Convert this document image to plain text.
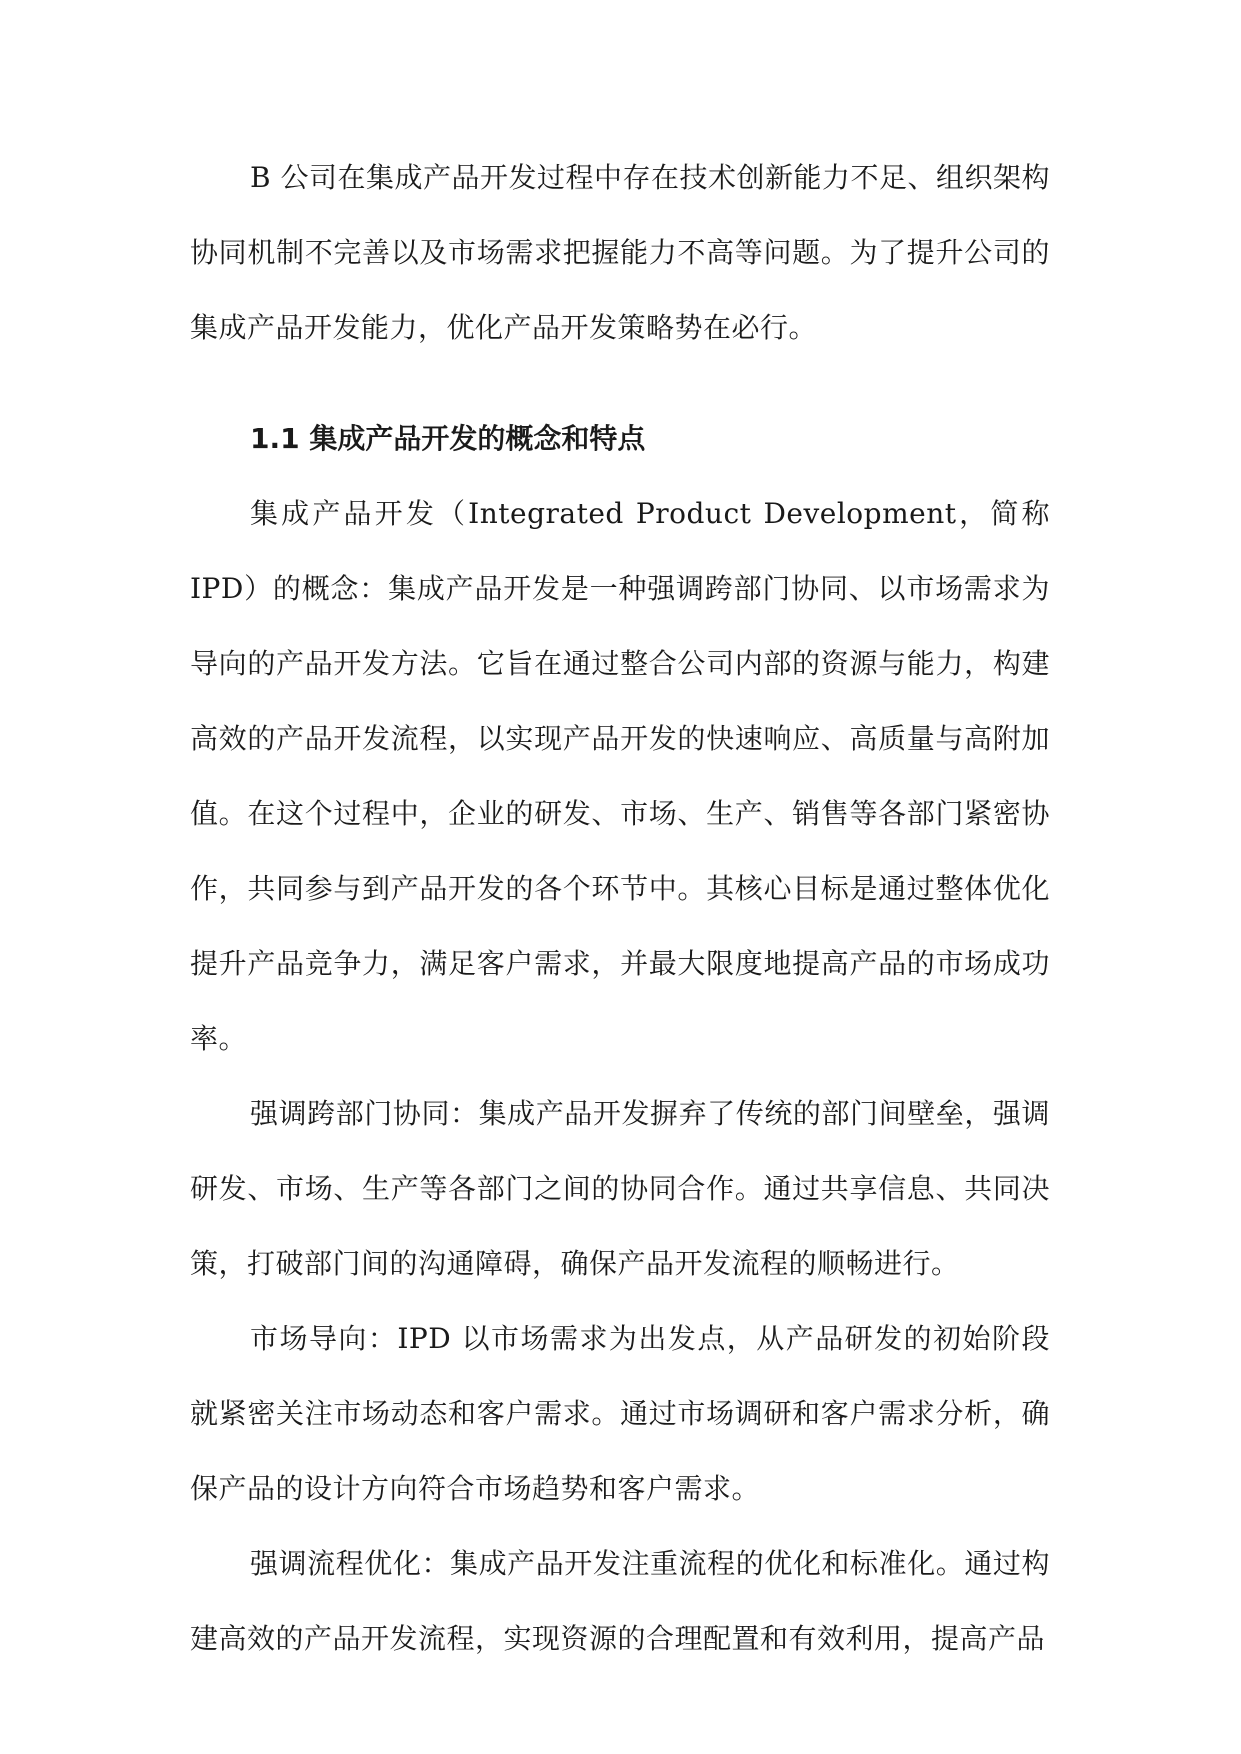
B 公司在集成产品开发过程中存在技术创新能力不足、组织架构协同机制不完善以及市场需求把握能力不高等问题。为了提升公司的集成产品开发能力，优化产品开发策略势在必行。

1.1 集成产品开发的概念和特点

集成产品开发（Integrated Product Development，简称 IPD）的概念：集成产品开发是一种强调跨部门协同、以市场需求为导向的产品开发方法。它旨在通过整合公司内部的资源与能力，构建高效的产品开发流程，以实现产品开发的快速响应、高质量与高附加值。在这个过程中，企业的研发、市场、生产、销售等各部门紧密协作，共同参与到产品开发的各个环节中。其核心目标是通过整体优化提升产品竞争力，满足客户需求，并最大限度地提高产品的市场成功率。

强调跨部门协同：集成产品开发摒弃了传统的部门间壁垒，强调研发、市场、生产等各部门之间的协同合作。通过共享信息、共同决策，打破部门间的沟通障碍，确保产品开发流程的顺畅进行。

市场导向：IPD 以市场需求为出发点，从产品研发的初始阶段就紧密关注市场动态和客户需求。通过市场调研和客户需求分析，确保产品的设计方向符合市场趋势和客户需求。

强调流程优化：集成产品开发注重流程的优化和标准化。通过构建高效的产品开发流程，实现资源的合理配置和有效利用，提高产品
